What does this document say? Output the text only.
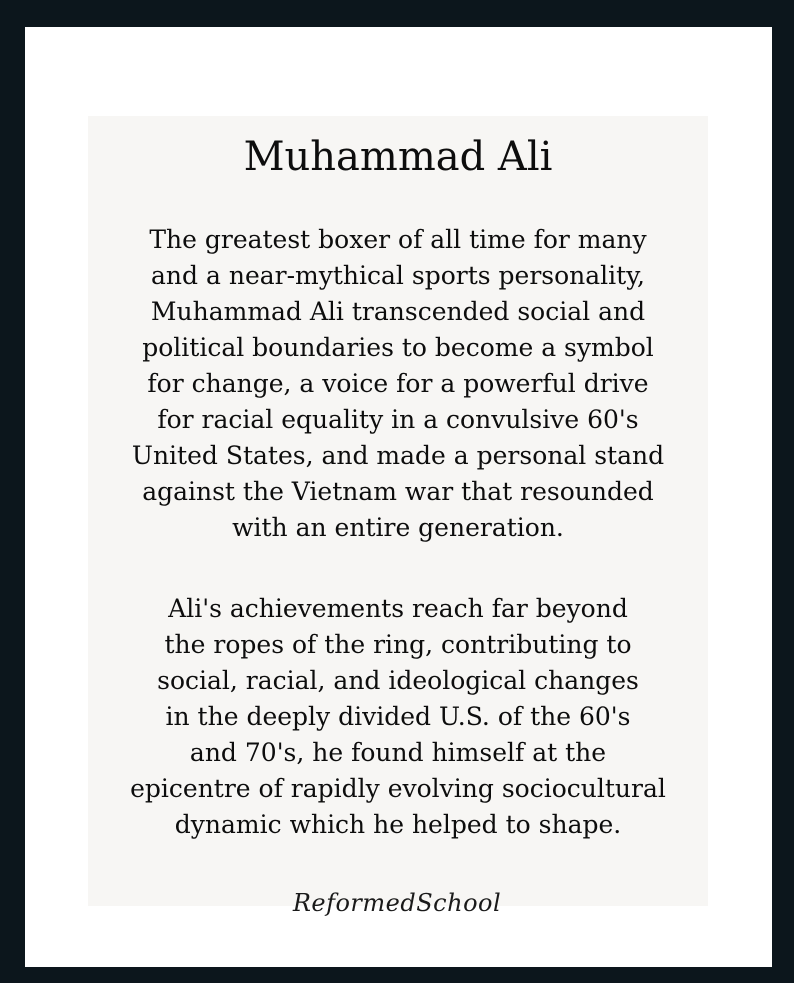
Muhammad Ali
The greatest boxer of all time for many
and a near-mythical sports personality,
Muhammad Ali transcended social and
political boundaries to become a symbol
for change, a voice for a powerful drive
for racial equality in a convulsive 60's
United States, and made a personal stand
against the Vietnam war that resounded
with an entire generation.
Ali's achievements reach far beyond
the ropes of the ring, contributing to
social, racial, and ideological changes
in the deeply divided U.S. of the 60's
and 70's, he found himself at the
epicentre of rapidly evolving sociocultural
dynamic which he helped to shape.
ReformedSchool
